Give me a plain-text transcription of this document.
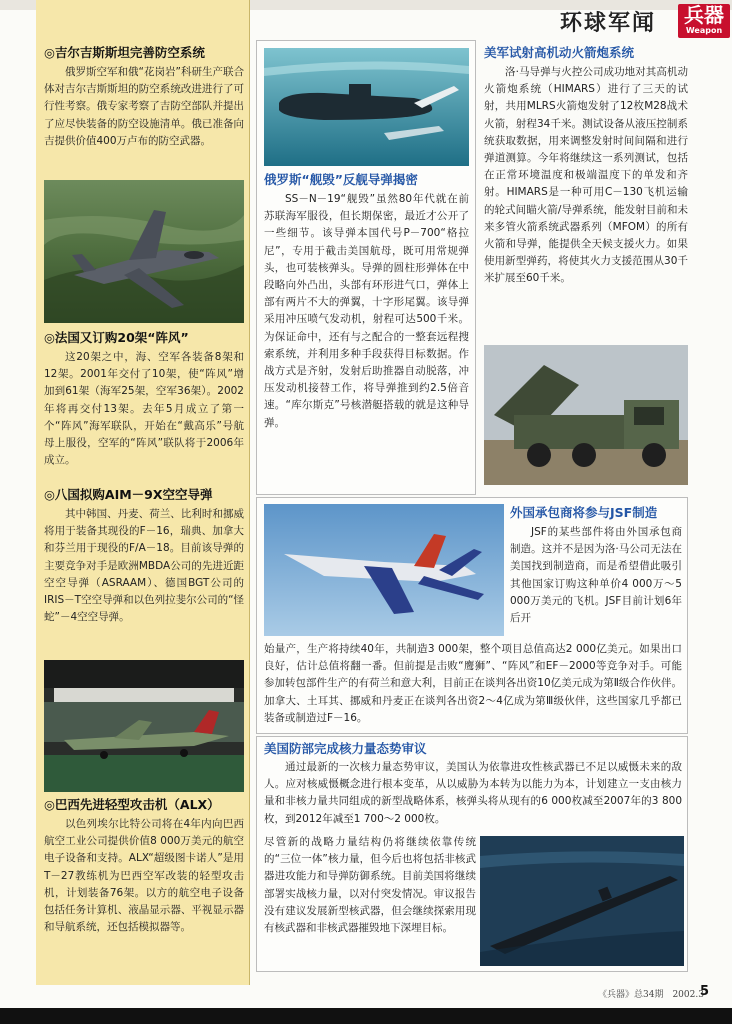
环球军闻	兵器
Weapon
◎吉尔吉斯斯坦完善防空系统
俄罗斯空军和俄“花岗岩”科研生产联合体对吉尔吉斯斯坦的防空系统改进进行了可行性考察。俄专家考察了吉防空部队并提出了应尽快装备的防空设施清单。俄已准备向吉提供价值400万卢布的防空武器。
◎法国又订购20架“阵风”
这20架之中，海、空军各装备8架和12架。2001年交付了10架，使“阵风”增加到61架（海军25架，空军36架）。2002年将再交付13架。去年5月成立了第一个“阵风”海军联队，开始在“戴高乐”号航母上服役，空军的“阵风”联队将于2006年成立。
◎八国拟购AIM－9X空空导弹
其中韩国、丹麦、荷兰、比利时和挪威将用于装备其现役的F－16，瑞典、加拿大和芬兰用于现役的F/A－18。目前该导弹的主要竞争对手是欧洲MBDA公司的先进近距空空导弹（ASRAAM）、德国BGT公司的IRIS－T空空导弹和以色列拉斐尔公司的“怪蛇”－4空空导弹。
◎巴西先进轻型攻击机（ALX）
以色列埃尔比特公司将在4年内向巴西航空工业公司提供价值8 000万美元的航空电子设备和支持。ALX“超级图卡诺人”是用T－27教练机为巴西空军改装的轻型攻击机，计划装备76架。以方的航空电子设备包括任务计算机、液晶显示器、平视显示器和导航系统，还包括模拟器等。
俄罗斯“舰毁”反舰导弹揭密
SS－N－19“舰毁”虽然80年代就在前苏联海军服役，但长期保密，最近才公开了一些细节。该导弹本国代号P－700“格拉尼”，专用于截击美国航母，既可用常规弹头，也可装核弹头。导弹的圆柱形弹体在中段略向外凸出，头部有环形进气口，弹体上部有两片不大的弹翼，十字形尾翼。该导弹采用冲压喷气发动机，射程可达500千米。为保证命中，还有与之配合的一整套远程搜索系统，并利用多种手段获得目标数据。作战方式是齐射，发射后助推器自动脱落，冲压发动机接替工作，将导弹推到约2.5倍音速。“库尔斯克”号核潜艇搭载的就是这种导弹。
美军试射高机动火箭炮系统
洛·马导弹与火控公司成功地对其高机动火箭炮系统（HIMARS）进行了三天的试射，共用MLRS火箭炮发射了12枚M28战术火箭，射程34千米。测试设备从液压控制系统获取数据，用来调整发射时间间隔和进行弹道测算。今年将继续这一系列测试，包括在正常环境温度和极端温度下的单发和齐射。HIMARS是一种可用C－130飞机运输的轮式间瞄火箭/导弹系统，能发射目前和未来多管火箭系统武器系列（MFOM）的所有火箭和导弹，能提供全天候支援火力。如果使用新型弹药，将使其火力支援范围从30千米扩展至60千米。
外国承包商将参与JSF制造
JSF的某些部件将由外国承包商制造。这并不是因为洛·马公司无法在美国找到制造商，而是希望借此吸引其他国家订购这种单价4 000万～5 000万美元的飞机。JSF目前计划6年后开
始量产，生产将持续40年，共制造3 000架，整个项目总值高达2 000亿美元。如果出口良好，估计总值将翻一番。但前提是击败“鹰狮”、“阵风”和EF－2000等竞争对手。可能参加转包部件生产的有荷兰和意大利，目前正在谈判各出资10亿美元成为第Ⅱ级合作伙伴。加拿大、土耳其、挪威和丹麦正在谈判各出资2～4亿成为第Ⅲ级伙伴，这些国家几乎都已装备或制造过F－16。
美国防部完成核力量态势审议
通过最新的一次核力量态势审议，美国认为依靠进攻性核武器已不足以威慑未来的敌人。应对核威慑概念进行根本变革，从以威胁为本转为以能力为本，计划建立一支由核力量和非核力量共同组成的新型战略体系，核弹头将从现有的6 000枚减至2007年的3 800枚，到2012年减至1 700～2 000枚。
尽管新的战略力量结构仍将继续依靠传统的“三位一体”核力量，但今后也将包括非核武器进攻能力和导弹防御系统。目前美国将继续部署实战核力量，以对付突发情况。审议报告没有建议发展新型核武器，但会继续探索用现有核武器和非核武器摧毁地下深埋目标。
《兵器》总34期　2002.3
5
